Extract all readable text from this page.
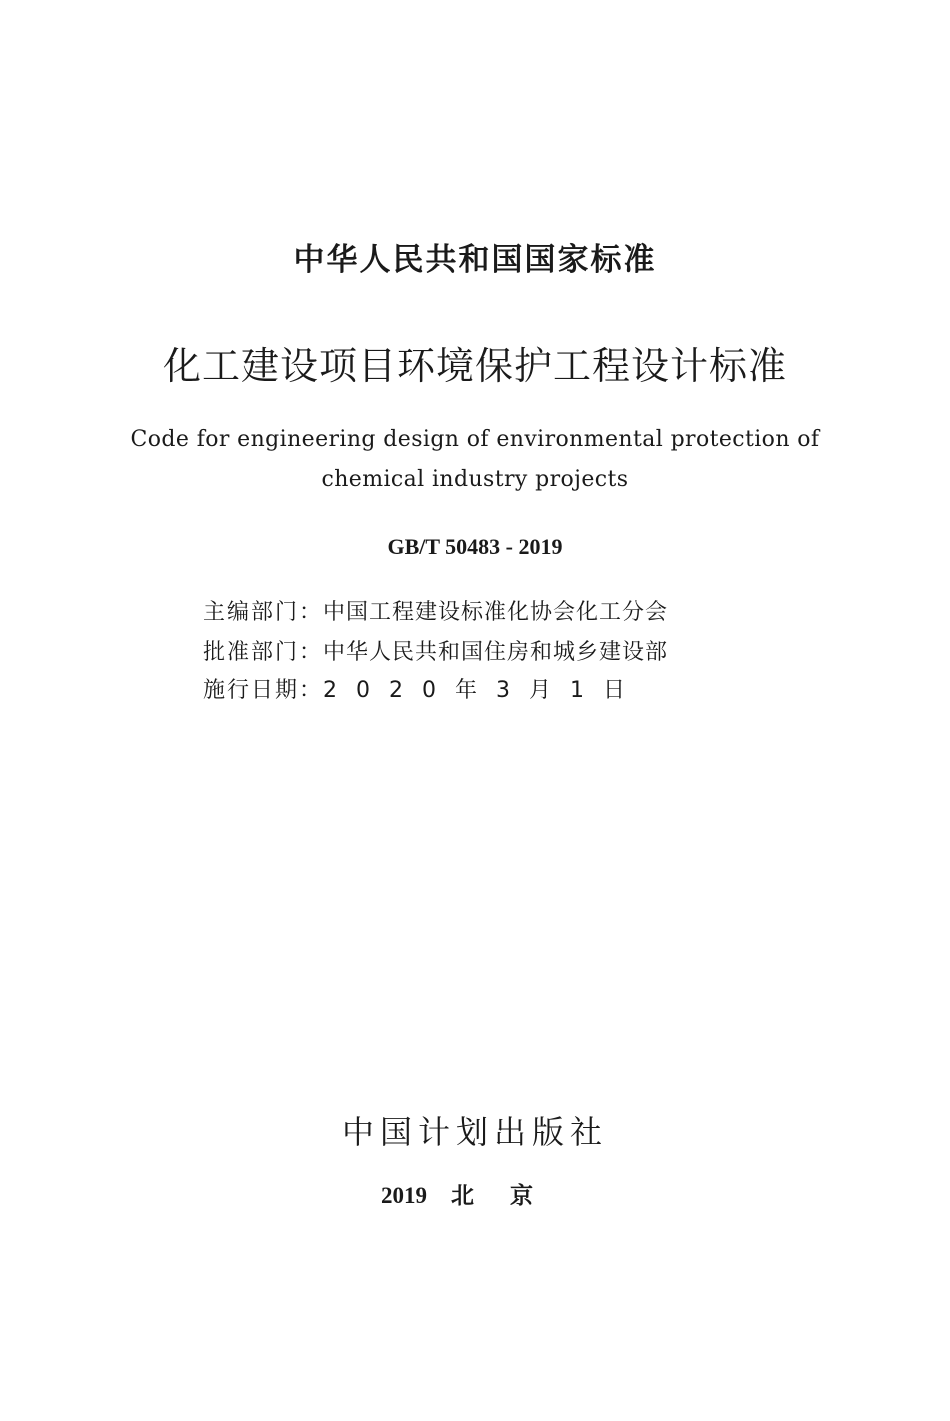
中华人民共和国国家标准
化工建设项目环境保护工程设计标准
Code for engineering design of environmental protection of
chemical industry projects
GB/T 50483 - 2019
主编部门：中国工程建设标准化协会化工分会
批准部门：中华人民共和国住房和城乡建设部
施行日期：2020年3月1日
中国计划出版社
2019 北京
